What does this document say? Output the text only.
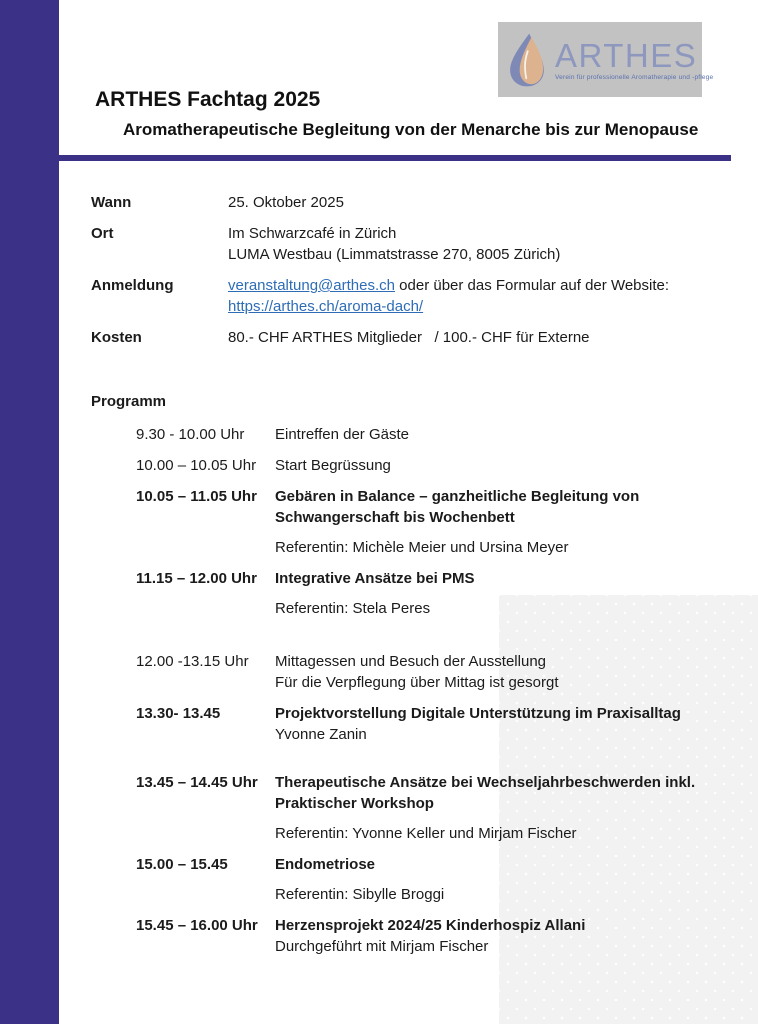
ARTHES
Verein für professionelle Aromatherapie und -pflege
ARTHES Fachtag 2025
Aromatherapeutische Begleitung von der Menarche bis zur Menopause
Wann	25. Oktober 2025
Ort	Im Schwarzcafé in Zürich
LUMA Westbau (Limmatstrasse 270, 8005 Zürich)
Anmeldung	veranstaltung@arthes.ch oder über das Formular auf der Website:
https://arthes.ch/aroma-dach/
Kosten	80.- CHF ARTHES Mitglieder   / 100.- CHF für Externe
Programm
9.30 - 10.00 Uhr	Eintreffen der Gäste
10.00 – 10.05 Uhr	Start Begrüssung
10.05 – 11.05 Uhr	Gebären in Balance – ganzheitliche Begleitung von
Schwangerschaft bis Wochenbett
Referentin: Michèle Meier und Ursina Meyer
11.15 – 12.00 Uhr	Integrative Ansätze bei PMS
Referentin: Stela Peres
12.00 -13.15 Uhr	Mittagessen und Besuch der Ausstellung
Für die Verpflegung über Mittag ist gesorgt
13.30- 13.45	Projektvorstellung Digitale Unterstützung im Praxisalltag
Yvonne Zanin
13.45 – 14.45 Uhr	Therapeutische Ansätze bei Wechseljahrbeschwerden inkl.
Praktischer Workshop
Referentin: Yvonne Keller und Mirjam Fischer
15.00 – 15.45	Endometriose
Referentin: Sibylle Broggi
15.45 – 16.00 Uhr	Herzensprojekt 2024/25 Kinderhospiz Allani
Durchgeführt mit Mirjam Fischer
